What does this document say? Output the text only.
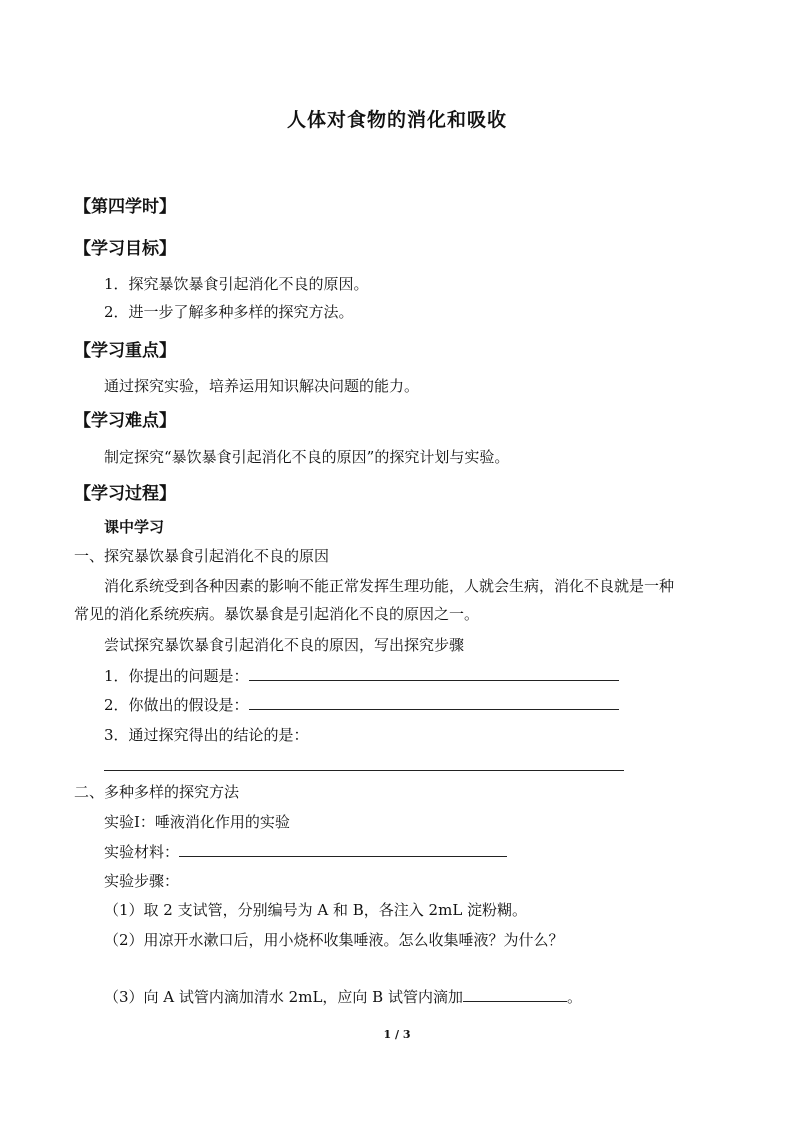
人体对食物的消化和吸收
【第四学时】
【学习目标】
1．探究暴饮暴食引起消化不良的原因。
2．进一步了解多种多样的探究方法。
【学习重点】
通过探究实验，培养运用知识解决问题的能力。
【学习难点】
制定探究“暴饮暴食引起消化不良的原因”的探究计划与实验。
【学习过程】
课中学习
一、探究暴饮暴食引起消化不良的原因
消化系统受到各种因素的影响不能正常发挥生理功能，人就会生病，消化不良就是一种
常见的消化系统疾病。暴饮暴食是引起消化不良的原因之一。
尝试探究暴饮暴食引起消化不良的原因，写出探究步骤
1．你提出的问题是：
2．你做出的假设是：
3．通过探究得出的结论的是：
二、多种多样的探究方法
实验Ⅰ：唾液消化作用的实验
实验材料：
实验步骤：
（1）取 2 支试管，分别编号为 A 和 B，各注入 2mL 淀粉糊。
（2）用凉开水漱口后，用小烧杯收集唾液。怎么收集唾液？为什么？
（3）向 A 试管内滴加清水 2mL，应向 B 试管内滴加	。
1 / 3
